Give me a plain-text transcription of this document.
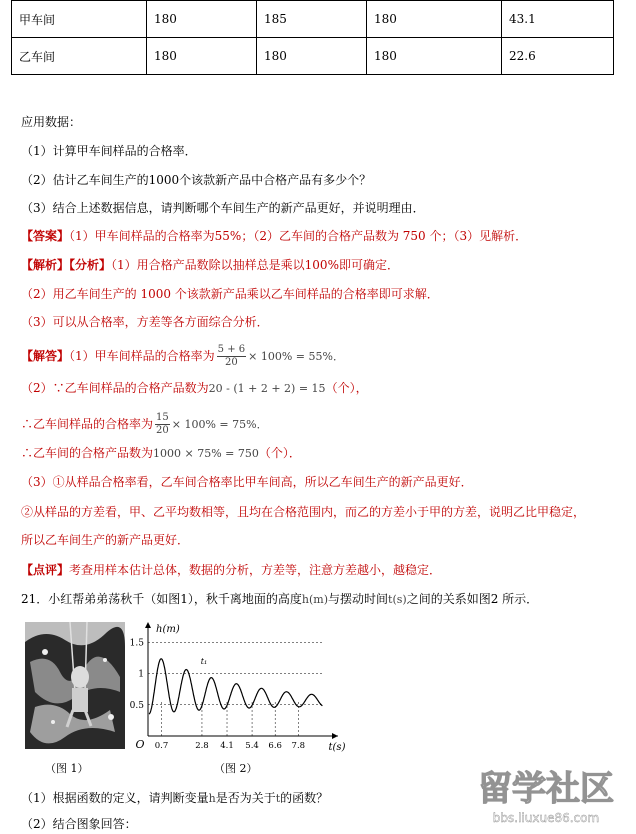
甲车间	180	185	180	43.1
乙车间	180	180	180	22.6
应用数据：
（1）计算甲车间样品的合格率．
（2）估计乙车间生产的1000个该款新产品中合格产品有多少个？
（3）结合上述数据信息，请判断哪个车间生产的新产品更好，并说明理由．
【答案】（1）甲车间样品的合格率为55%；（2）乙车间的合格产品数为 750 个；（3）见解析．
【解析】【分析】（1）用合格产品数除以抽样总是乘以100%即可确定．
（2）用乙车间生产的 1000 个该款新产品乘以乙车间样品的合格率即可求解．
（3）可以从合格率，方差等各方面综合分析．
【解答】（1）甲车间样品的合格率为 $\frac{5 + 6}{20} \times 100\% = 55\%$．
（2）∵乙车间样品的合格产品数为20 - (1 + 2 + 2) = 15（个），
∴乙车间样品的合格率为 $\frac{15}{20} \times 100\% = 75\%$．
∴乙车间的合格产品数为1000 × 75% = 750（个）．
（3）①从样品合格率看，乙车间合格率比甲车间高，所以乙车间生产的新产品更好．
②从样品的方差看，甲、乙平均数相等，且均在合格范围内，而乙的方差小于甲的方差，说明乙比甲稳定，
所以乙车间生产的新产品更好．
【点评】考查用样本估计总体，数据的分析，方差等，注意方差越小，越稳定．
21．小红帮弟弟荡秋千（如图1），秋千离地面的高度h(m)与摆动时间t(s)之间的关系如图2 所示．
（图 1）
h(m)
t(s)
O
0.5
1
1.5
0.7	2.8 4.1 5.4 6.6 7.8
t₁
（图 2）
（1）根据函数的定义，请判断变量h是否为关于t的函数？
（2）结合图象回答：
留学社区
bbs.liuxue86.com
